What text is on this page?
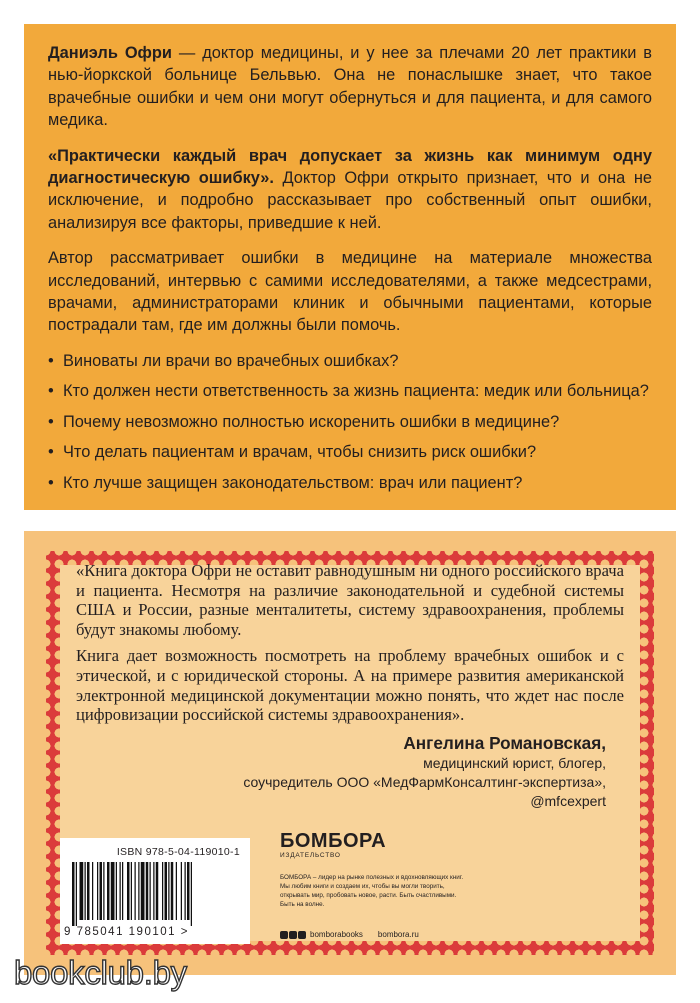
Даниэль Офри — доктор медицины, и у нее за плечами 20 лет практики в нью-йоркской больнице Бельвью. Она не понаслышке знает, что такое врачебные ошибки и чем они могут обернуться и для пациента, и для самого медика.

«Практически каждый врач допускает за жизнь как минимум одну диагностическую ошибку». Доктор Офри открыто признает, что и она не исключение, и подробно рассказывает про собственный опыт ошибки, анализируя все факторы, приведшие к ней.

Автор рассматривает ошибки в медицине на материале множества исследований, интервью с самими исследователями, а также медсестрами, врачами, администраторами клиник и обычными пациентами, которые пострадали там, где им должны были помочь.

• Виноваты ли врачи во врачебных ошибках?
• Кто должен нести ответственность за жизнь пациента: медик или больница?
• Почему невозможно полностью искоренить ошибки в медицине?
• Что делать пациентам и врачам, чтобы снизить риск ошибки?
• Кто лучше защищен законодательством: врач или пациент?

«Книга доктора Офри не оставит равнодушным ни одного российского врача и пациента. Несмотря на различие законодательной и судебной системы США и России, разные менталитеты, систему здравоохранения, проблемы будут знакомы любому.

Книга дает возможность посмотреть на проблему врачебных ошибок и с этической, и с юридической стороны. А на примере развития американской электронной медицинской документации можно понять, что ждет нас после цифровизации российской системы здравоохранения».

Ангелина Романовская,
медицинский юрист, блогер,
соучредитель ООО «МедФармКонсалтинг-экспертиза»,
@mfcexpert
ISBN 978-5-04-119010-1
9 785041 190101 >
БОМБОРА
ИЗДАТЕЛЬСТВО
БОМБОРА – лидер на рынке полезных и вдохновляющих книг. Мы любим книги и создаем их, чтобы вы могли творить, открывать мир, пробовать новое, расти. Быть счастливыми. Быть на волне.
bomborabooks bombora.ru
bookclub.by
